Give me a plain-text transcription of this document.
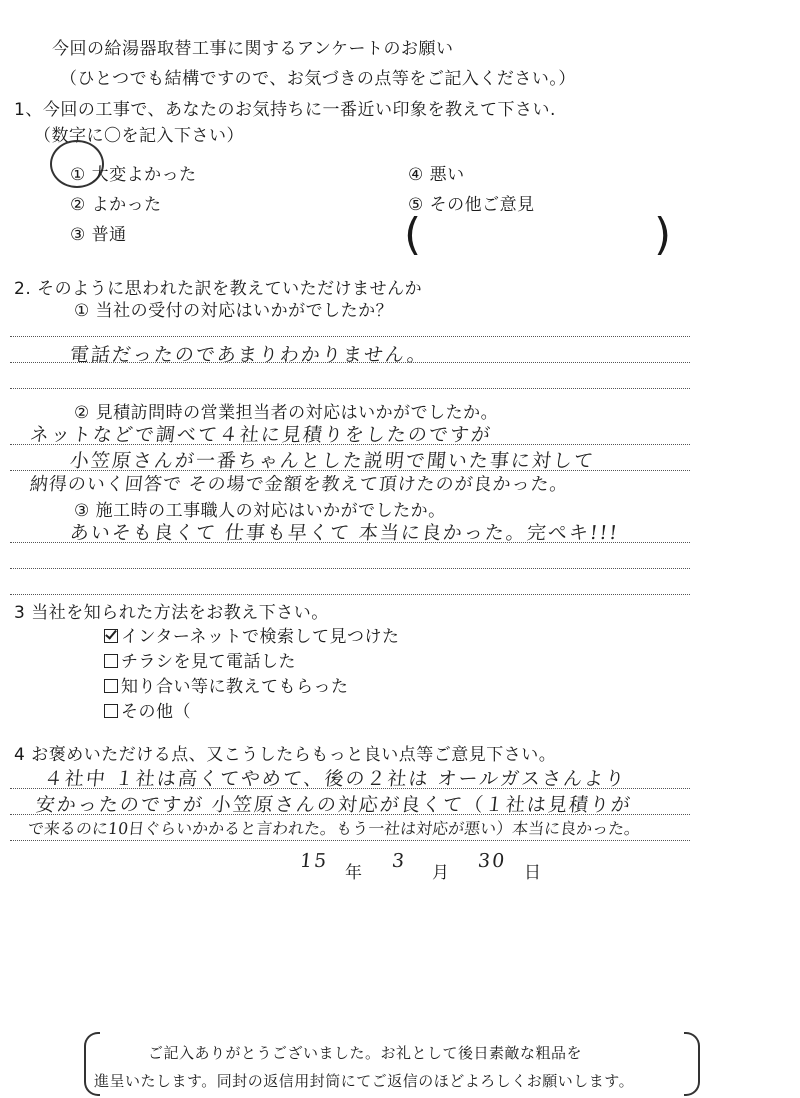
今回の給湯器取替工事に関するアンケートのお願い
（ひとつでも結構ですので、お気づきの点等をご記入ください。）
1、今回の工事で、あなたのお気持ちに一番近い印象を教えて下さい.
（数字に〇を記入下さい）
① 大変よかった
② よかった
③ 普通
④ 悪い
⑤ その他ご意見
(	)
2. そのように思われた訳を教えていただけませんか
① 当社の受付の対応はいかがでしたか？
電話だったのであまりわかりません。
② 見積訪問時の営業担当者の対応はいかがでしたか。
ネットなどで調べて４社に見積りをしたのですが
小笠原さんが一番ちゃんとした説明で聞いた事に対して
納得のいく回答で その場で金額を教えて頂けたのが良かった。
③ 施工時の工事職人の対応はいかがでしたか。
あいそも良くて 仕事も早くて 本当に良かった。完ぺキ!!!
3 当社を知られた方法をお教え下さい。
インターネットで検索して見つけた
チラシを見て電話した
知り合い等に教えてもらった
その他（
4 お褒めいただける点、又こうしたらもっと良い点等ご意見下さい。
４社中 １社は高くてやめて、後の２社は オールガスさんより
安かったのですが 小笠原さんの対応が良くて（１社は見積りが
で来るのに10日ぐらいかかると言われた。もう一社は対応が悪い）本当に良かった。
15
年
3
月
30
日
ご記入ありがとうございました。お礼として後日素敵な粗品を
進呈いたします。同封の返信用封筒にてご返信のほどよろしくお願いします。
